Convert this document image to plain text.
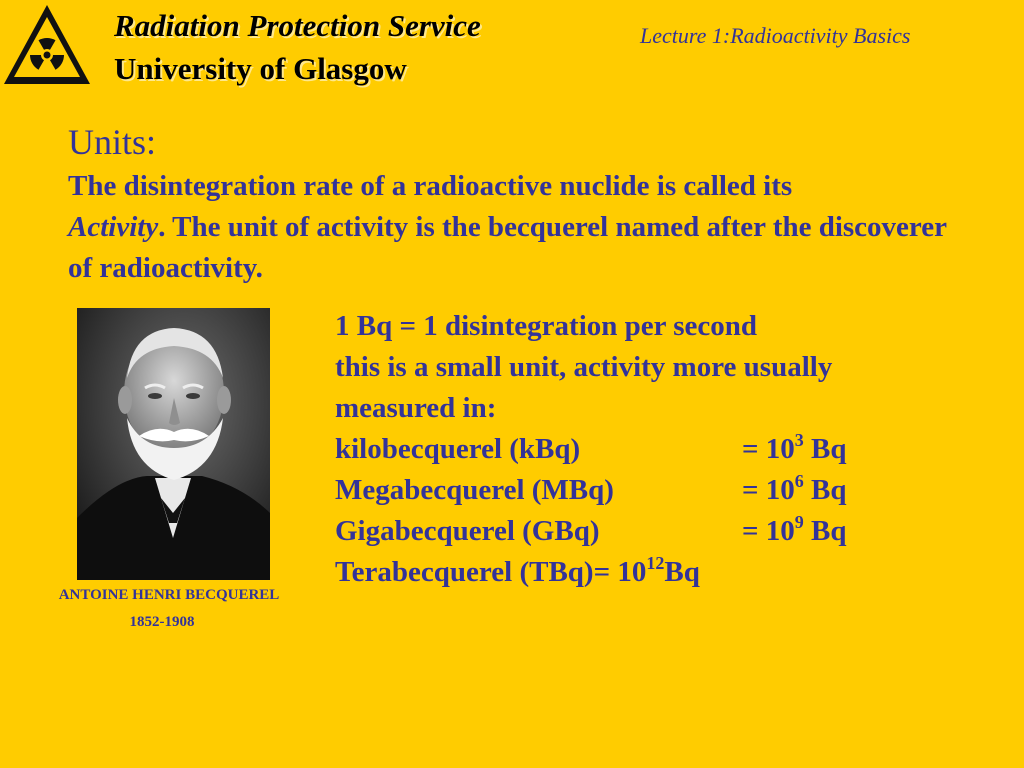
Radiation Protection Service
University of Glasgow
Lecture 1:Radioactivity Basics
Units:
The disintegration rate of a radioactive nuclide is called its
Activity. The unit of activity is the becquerel named after the discoverer of radioactivity.
ANTOINE HENRI BECQUEREL
1852-1908
1 Bq = 1 disintegration per second
this is a small unit, activity more usually
measured in:
kilobecquerel (kBq)	= $10^3$ Bq
Megabecquerel (MBq)	= $10^6$ Bq
Gigabecquerel (GBq)	= $10^9$ Bq
Terabecquerel $(TBq)= 10^{12}Bq$
